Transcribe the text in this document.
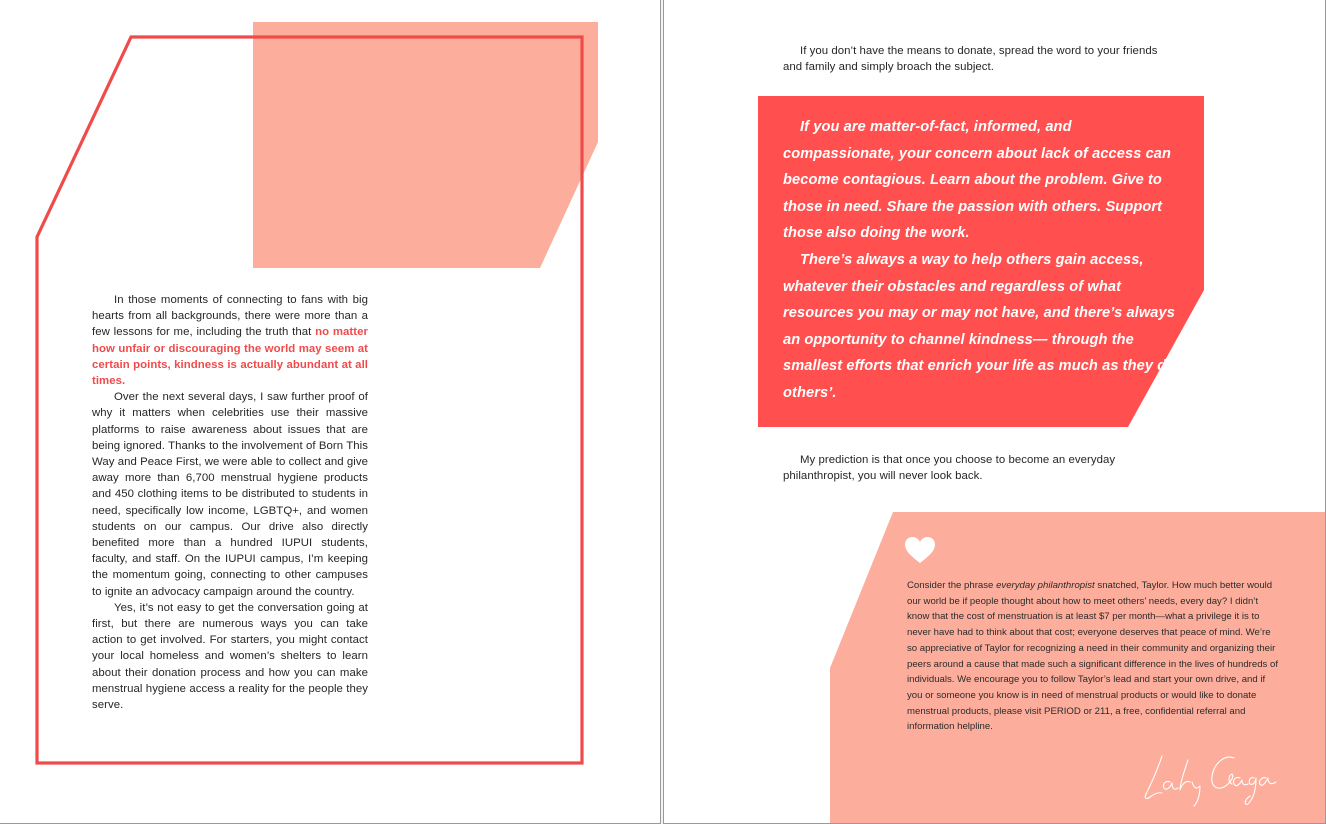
In those moments of connecting to fans with big hearts from all backgrounds, there were more than a few lessons for me, including the truth that no matter how unfair or discouraging the world may seem at certain points, kindness is actually abundant at all times.

Over the next several days, I saw further proof of why it matters when celebrities use their massive platforms to raise awareness about issues that are being ignored. Thanks to the involvement of Born This Way and Peace First, we were able to collect and give away more than 6,700 menstrual hygiene products and 450 clothing items to be distributed to students in need, specifically low income, LGBTQ+, and women students on our campus. Our drive also directly benefited more than a hundred IUPUI students, faculty, and staff. On the IUPUI campus, I’m keeping the momentum going, connecting to other campuses to ignite an advocacy campaign around the country.

Yes, it’s not easy to get the conversation going at first, but there are numerous ways you can take action to get involved. For starters, you might contact your local homeless and women’s shelters to learn about their donation process and how you can make menstrual hygiene access a reality for the people they serve.

If you don’t have the means to donate, spread the word to your friends and family and simply broach the subject.

If you are matter-of-fact, informed, and compassionate, your concern about lack of access can become contagious. Learn about the problem. Give to those in need. Share the passion with others. Support those also doing the work.

There’s always a way to help others gain access, whatever their obstacles and regardless of what resources you may or may not have, and there’s always an opportunity to channel kindness— through the smallest efforts that enrich your life as much as they do others’.

My prediction is that once you choose to become an everyday philanthropist, you will never look back.

Consider the phrase everyday philanthropist snatched, Taylor. How much better would our world be if people thought about how to meet others’ needs, every day? I didn’t know that the cost of menstruation is at least $7 per month—what a privilege it is to never have had to think about that cost; everyone deserves that peace of mind. We’re so appreciative of Taylor for recognizing a need in their community and organizing their peers around a cause that made such a significant difference in the lives of hundreds of individuals. We encourage you to follow Taylor’s lead and start your own drive, and if you or someone you know is in need of menstrual products or would like to donate menstrual products, please visit PERIOD or 211, a free, confidential referral and information helpline.
